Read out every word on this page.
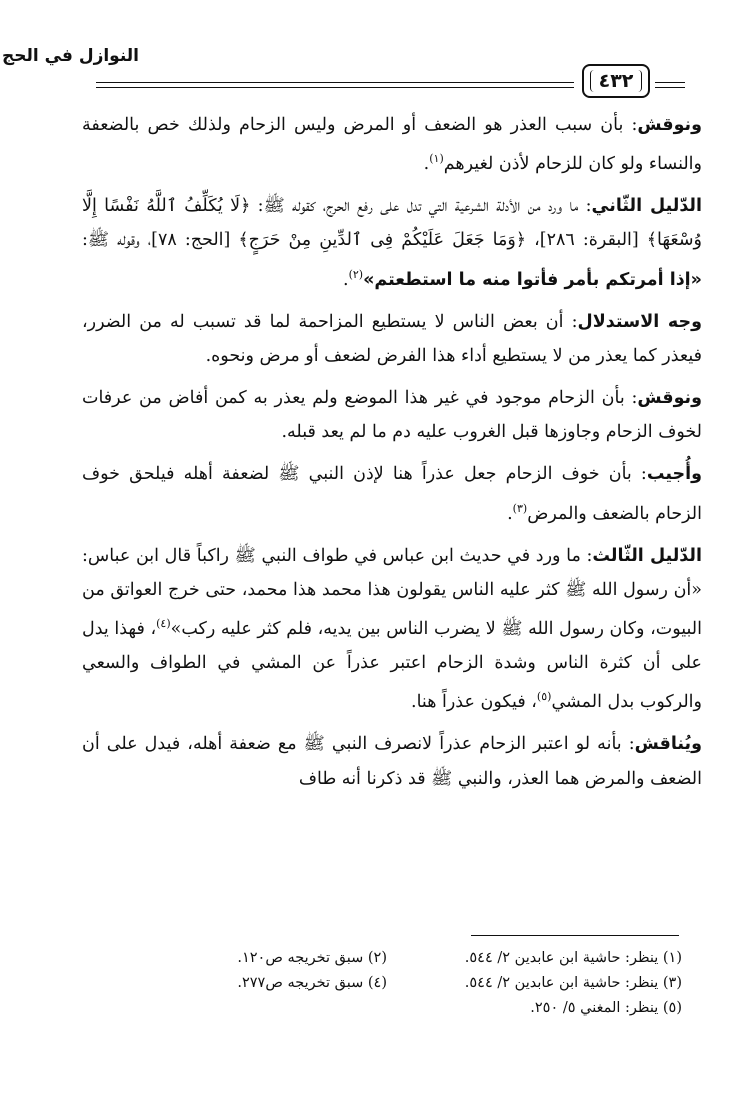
النوازل في الحج
٤٣٢
ونوقش: بأن سبب العذر هو الضعف أو المرض وليس الزحام ولذلك خص بالضعفة والنساء ولو كان للزحام لأذن لغيرهم$^{(١)}$.
الدّليل الثّاني: ما ورد من الأدلة الشرعية التي تدل على رفع الحرج، كقوله ﷺ: ﴿لَا يُكَلِّفُ ٱللَّهُ نَفْسًا إِلَّا وُسْعَهَا﴾ [البقرة: ٢٨٦]، ﴿وَمَا جَعَلَ عَلَيْكُمْ فِى ٱلدِّينِ مِنْ حَرَجٍ﴾ [الحج: ٧٨]، وقوله ﷺ: «إذا أمرتكم بأمر فأتوا منه ما استطعتم»$^{(٢)}$.
وجه الاستدلال: أن بعض الناس لا يستطيع المزاحمة لما قد تسبب له من الضرر، فيعذر كما يعذر من لا يستطيع أداء هذا الفرض لضعف أو مرض ونحوه.
ونوقش: بأن الزحام موجود في غير هذا الموضع ولم يعذر به كمن أفاض من عرفات لخوف الزحام وجاوزها قبل الغروب عليه دم ما لم يعد قبله.
وأُجيب: بأن خوف الزحام جعل عذراً هنا لإذن النبي ﷺ لضعفة أهله فيلحق خوف الزحام بالضعف والمرض$^{(٣)}$.
الدّليل الثّالث: ما ورد في حديث ابن عباس في طواف النبي ﷺ راكباً قال ابن عباس: «أن رسول الله ﷺ كثر عليه الناس يقولون هذا محمد هذا محمد، حتى خرج العواتق من البيوت، وكان رسول الله ﷺ لا يضرب الناس بين يديه، فلم كثر عليه ركب»$^{(٤)}$، فهذا يدل على أن كثرة الناس وشدة الزحام اعتبر عذراً عن المشي في الطواف والسعي والركوب بدل المشي$^{(٥)}$، فيكون عذراً هنا.
ويُناقش: بأنه لو اعتبر الزحام عذراً لانصرف النبي ﷺ مع ضعفة أهله، فيدل على أن الضعف والمرض هما العذر، والنبي ﷺ قد ذكرنا أنه طاف
(١) ينظر: حاشية ابن عابدين ٢/ ٥٤٤.
(٢) سبق تخريجه ص١٢٠.
(٣) ينظر: حاشية ابن عابدين ٢/ ٥٤٤.
(٤) سبق تخريجه ص٢٧٧.
(٥) ينظر: المغني ٥/ ٢٥٠.
